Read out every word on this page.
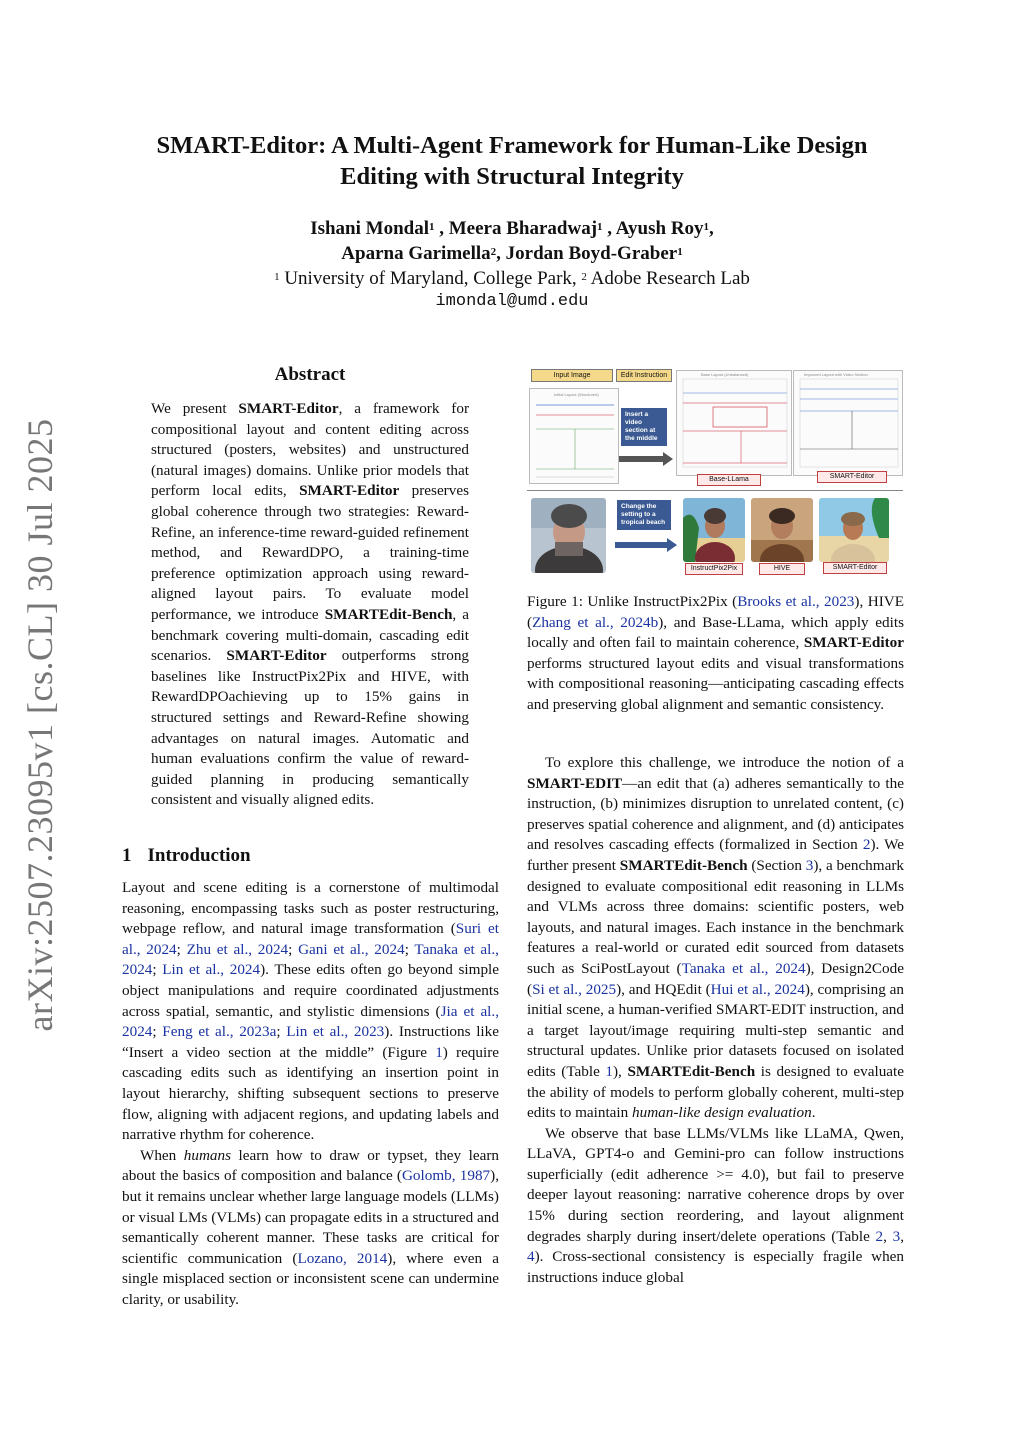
arXiv:2507.23095v1 [cs.CL] 30 Jul 2025
SMART-Editor: A Multi-Agent Framework for Human-Like Design
Editing with Structural Integrity
Ishani Mondal$^1$ , Meera Bharadwaj$^1$ , Ayush Roy$^1$,
Aparna Garimella$^2$, Jordan Boyd-Graber$^1$
$^1$ University of Maryland, College Park, $^2$ Adobe Research Lab
imondal@umd.edu
Abstract
We present SMART-Editor, a framework for compositional layout and content editing across structured (posters, websites) and unstructured (natural images) domains. Unlike prior models that perform local edits, SMART-Editor preserves global coherence through two strategies: Reward-Refine, an inference-time reward-guided refinement method, and RewardDPO, a training-time preference optimization approach using reward-aligned layout pairs. To evaluate model performance, we introduce SMARTEdit-Bench, a benchmark covering multi-domain, cascading edit scenarios. SMART-Editor outperforms strong baselines like InstructPix2Pix and HIVE, with RewardDPOachieving up to 15% gains in structured settings and Reward-Refine showing advantages on natural images. Automatic and human evaluations confirm the value of reward-guided planning in producing semantically consistent and visually aligned edits.
1 Introduction

Layout and scene editing is a cornerstone of multimodal reasoning, encompassing tasks such as poster restructuring, webpage reflow, and natural image transformation (Suri et al., 2024; Zhu et al., 2024; Gani et al., 2024; Tanaka et al., 2024; Lin et al., 2024). These edits often go beyond simple object manipulations and require coordinated adjustments across spatial, semantic, and stylistic dimensions (Jia et al., 2024; Feng et al., 2023a; Lin et al., 2023). Instructions like “Insert a video section at the middle” (Figure 1) require cascading edits such as identifying an insertion point in layout hierarchy, shifting subsequent sections to preserve flow, aligning with adjacent regions, and updating labels and narrative rhythm for coherence.

When humans learn how to draw or typset, they learn about the basics of composition and balance (Golomb, 1987), but it remains unclear whether large language models (LLMs) or visual LMs (VLMs) can propagate edits in a structured and semantically coherent manner. These tasks are critical for scientific communication (Lozano, 2014), where even a single misplaced section or inconsistent scene can undermine clarity, or usability.

Input Image	Edit Instruction
Initial Layout (Structured)
Insert a video section at the middle
Base Layout (Unbalanced)
Base-LLama
Improved Layout with Video Section
SMART-Editor
Change the setting to a tropical beach
InstructPix2Pix	HIVE	SMART-Editor
Figure 1: Unlike InstructPix2Pix (Brooks et al., 2023), HIVE (Zhang et al., 2024b), and Base-LLama, which apply edits locally and often fail to maintain coherence, SMART-Editor performs structured layout edits and visual transformations with compositional reasoning—anticipating cascading effects and preserving global alignment and semantic consistency.

To explore this challenge, we introduce the notion of a SMART-EDIT—an edit that (a) adheres semantically to the instruction, (b) minimizes disruption to unrelated content, (c) preserves spatial coherence and alignment, and (d) anticipates and resolves cascading effects (formalized in Section 2). We further present SMARTEdit-Bench (Section 3), a benchmark designed to evaluate compositional edit reasoning in LLMs and VLMs across three domains: scientific posters, web layouts, and natural images. Each instance in the benchmark features a real-world or curated edit sourced from datasets such as SciPostLayout (Tanaka et al., 2024), Design2Code (Si et al., 2025), and HQEdit (Hui et al., 2024), comprising an initial scene, a human-verified SMART-EDIT instruction, and a target layout/image requiring multi-step semantic and structural updates. Unlike prior datasets focused on isolated edits (Table 1), SMARTEdit-Bench is designed to evaluate the ability of models to perform globally coherent, multi-step edits to maintain human-like design evaluation.

We observe that base LLMs/VLMs like LLaMA, Qwen, LLaVA, GPT4-o and Gemini-pro can follow instructions superficially (edit adherence >= 4.0), but fail to preserve deeper layout reasoning: narrative coherence drops by over 15% during section reordering, and layout alignment degrades sharply during insert/delete operations (Table 2, 3, 4). Cross-sectional consistency is especially fragile when instructions induce global
